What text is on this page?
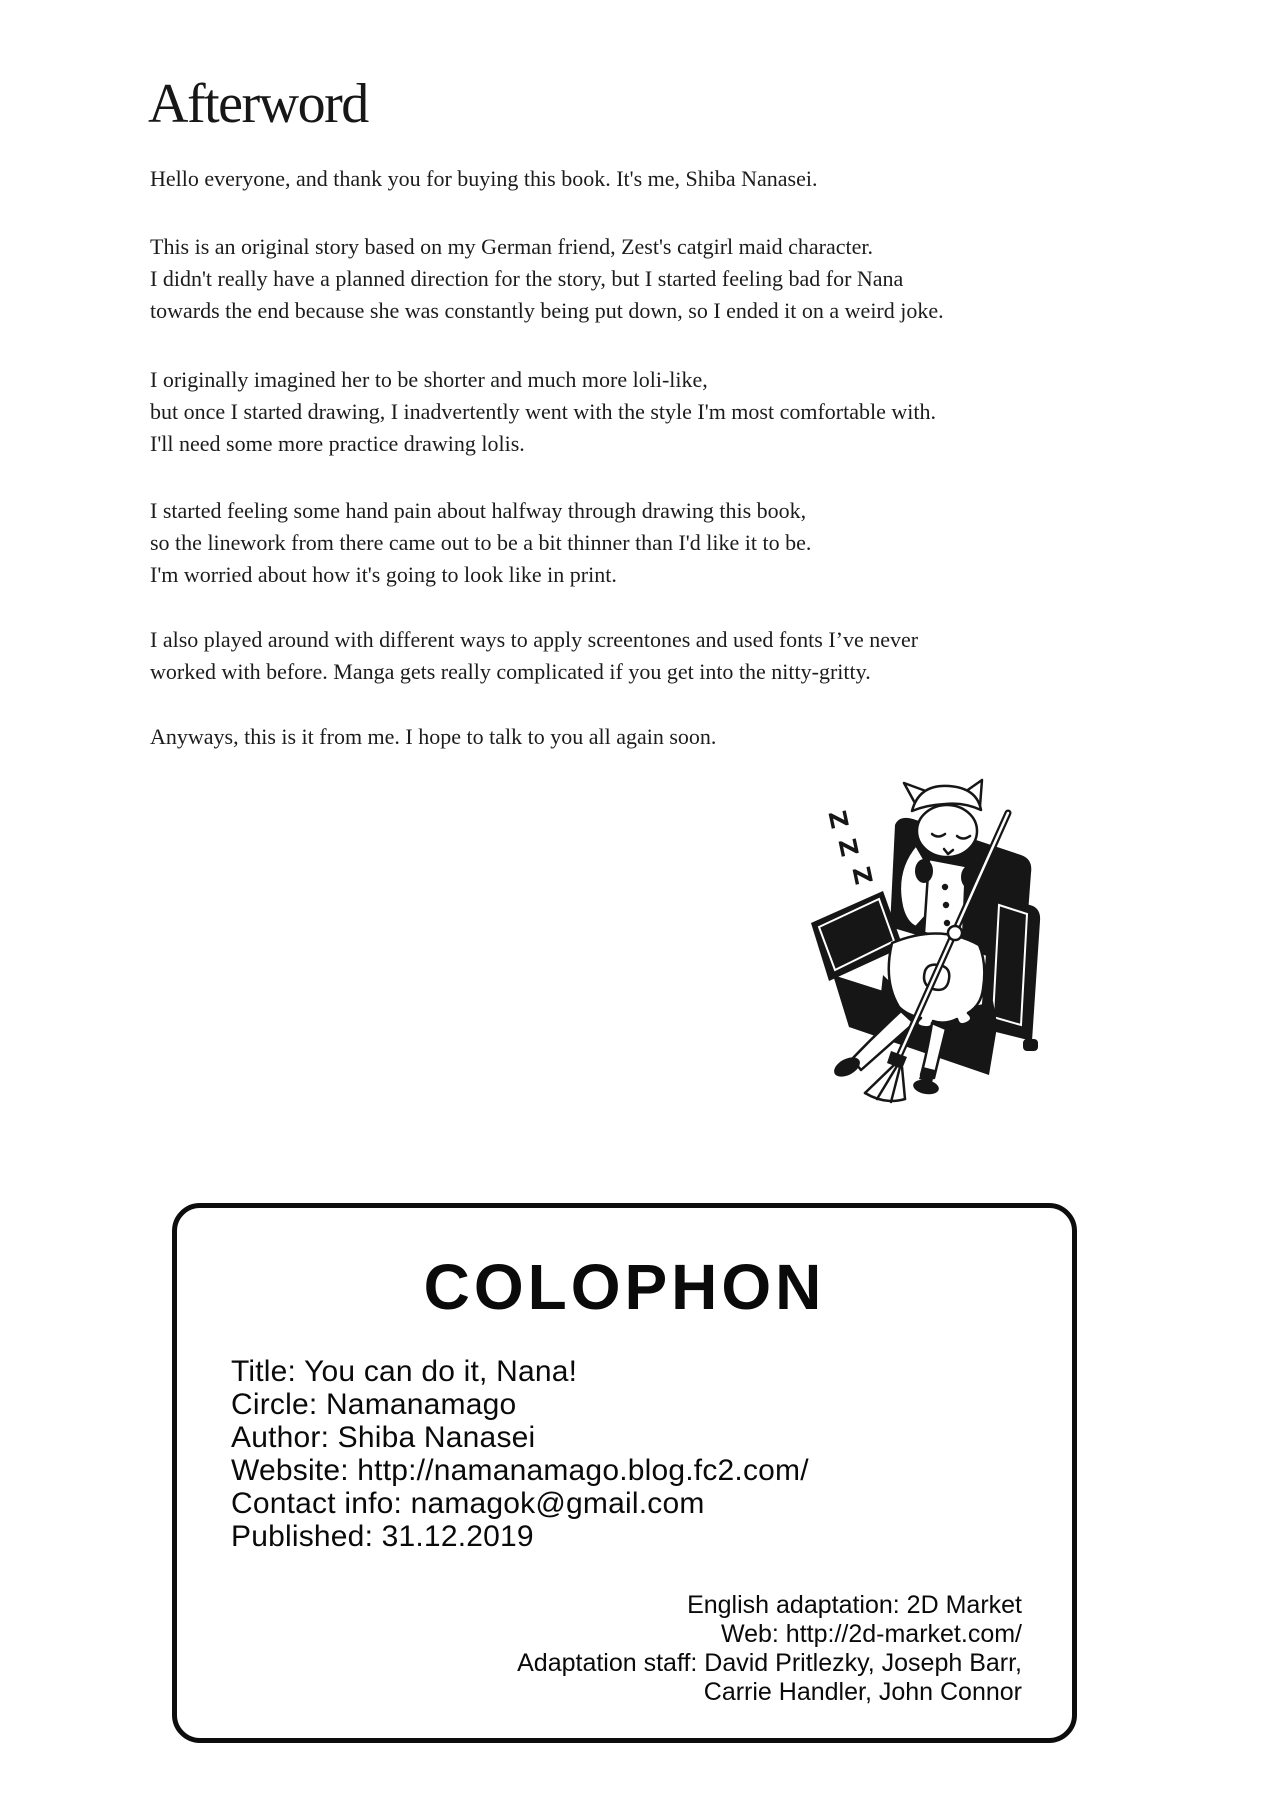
Afterword
Hello everyone, and thank you for buying this book. It's me, Shiba Nanasei.
This is an original story based on my German friend, Zest's catgirl maid character.
I didn't really have a planned direction for the story, but I started feeling bad for Nana
towards the end because she was constantly being put down, so I ended it on a weird joke.
I originally imagined her to be shorter and much more loli-like,
but once I started drawing, I inadvertently went with the style I'm most comfortable with.
I'll need some more practice drawing lolis.
I started feeling some hand pain about halfway through drawing this book,
so the linework from there came out to be a bit thinner than I'd like it to be.
I'm worried about how it's going to look like in print.
I also played around with different ways to apply screentones and used fonts I’ve never
worked with before. Manga gets really complicated if you get into the nitty-gritty.
Anyways, this is it from me. I hope to talk to you all again soon.
Z
Z
Z
COLOPHON
Title: You can do it, Nana!
Circle: Namanamago
Author: Shiba Nanasei
Website: http://namanamago.blog.fc2.com/
Contact info: namagok@gmail.com
Published: 31.12.2019
English adaptation: 2D Market
Web: http://2d-market.com/
Adaptation staff: David Pritlezky, Joseph Barr,
Carrie Handler, John Connor
